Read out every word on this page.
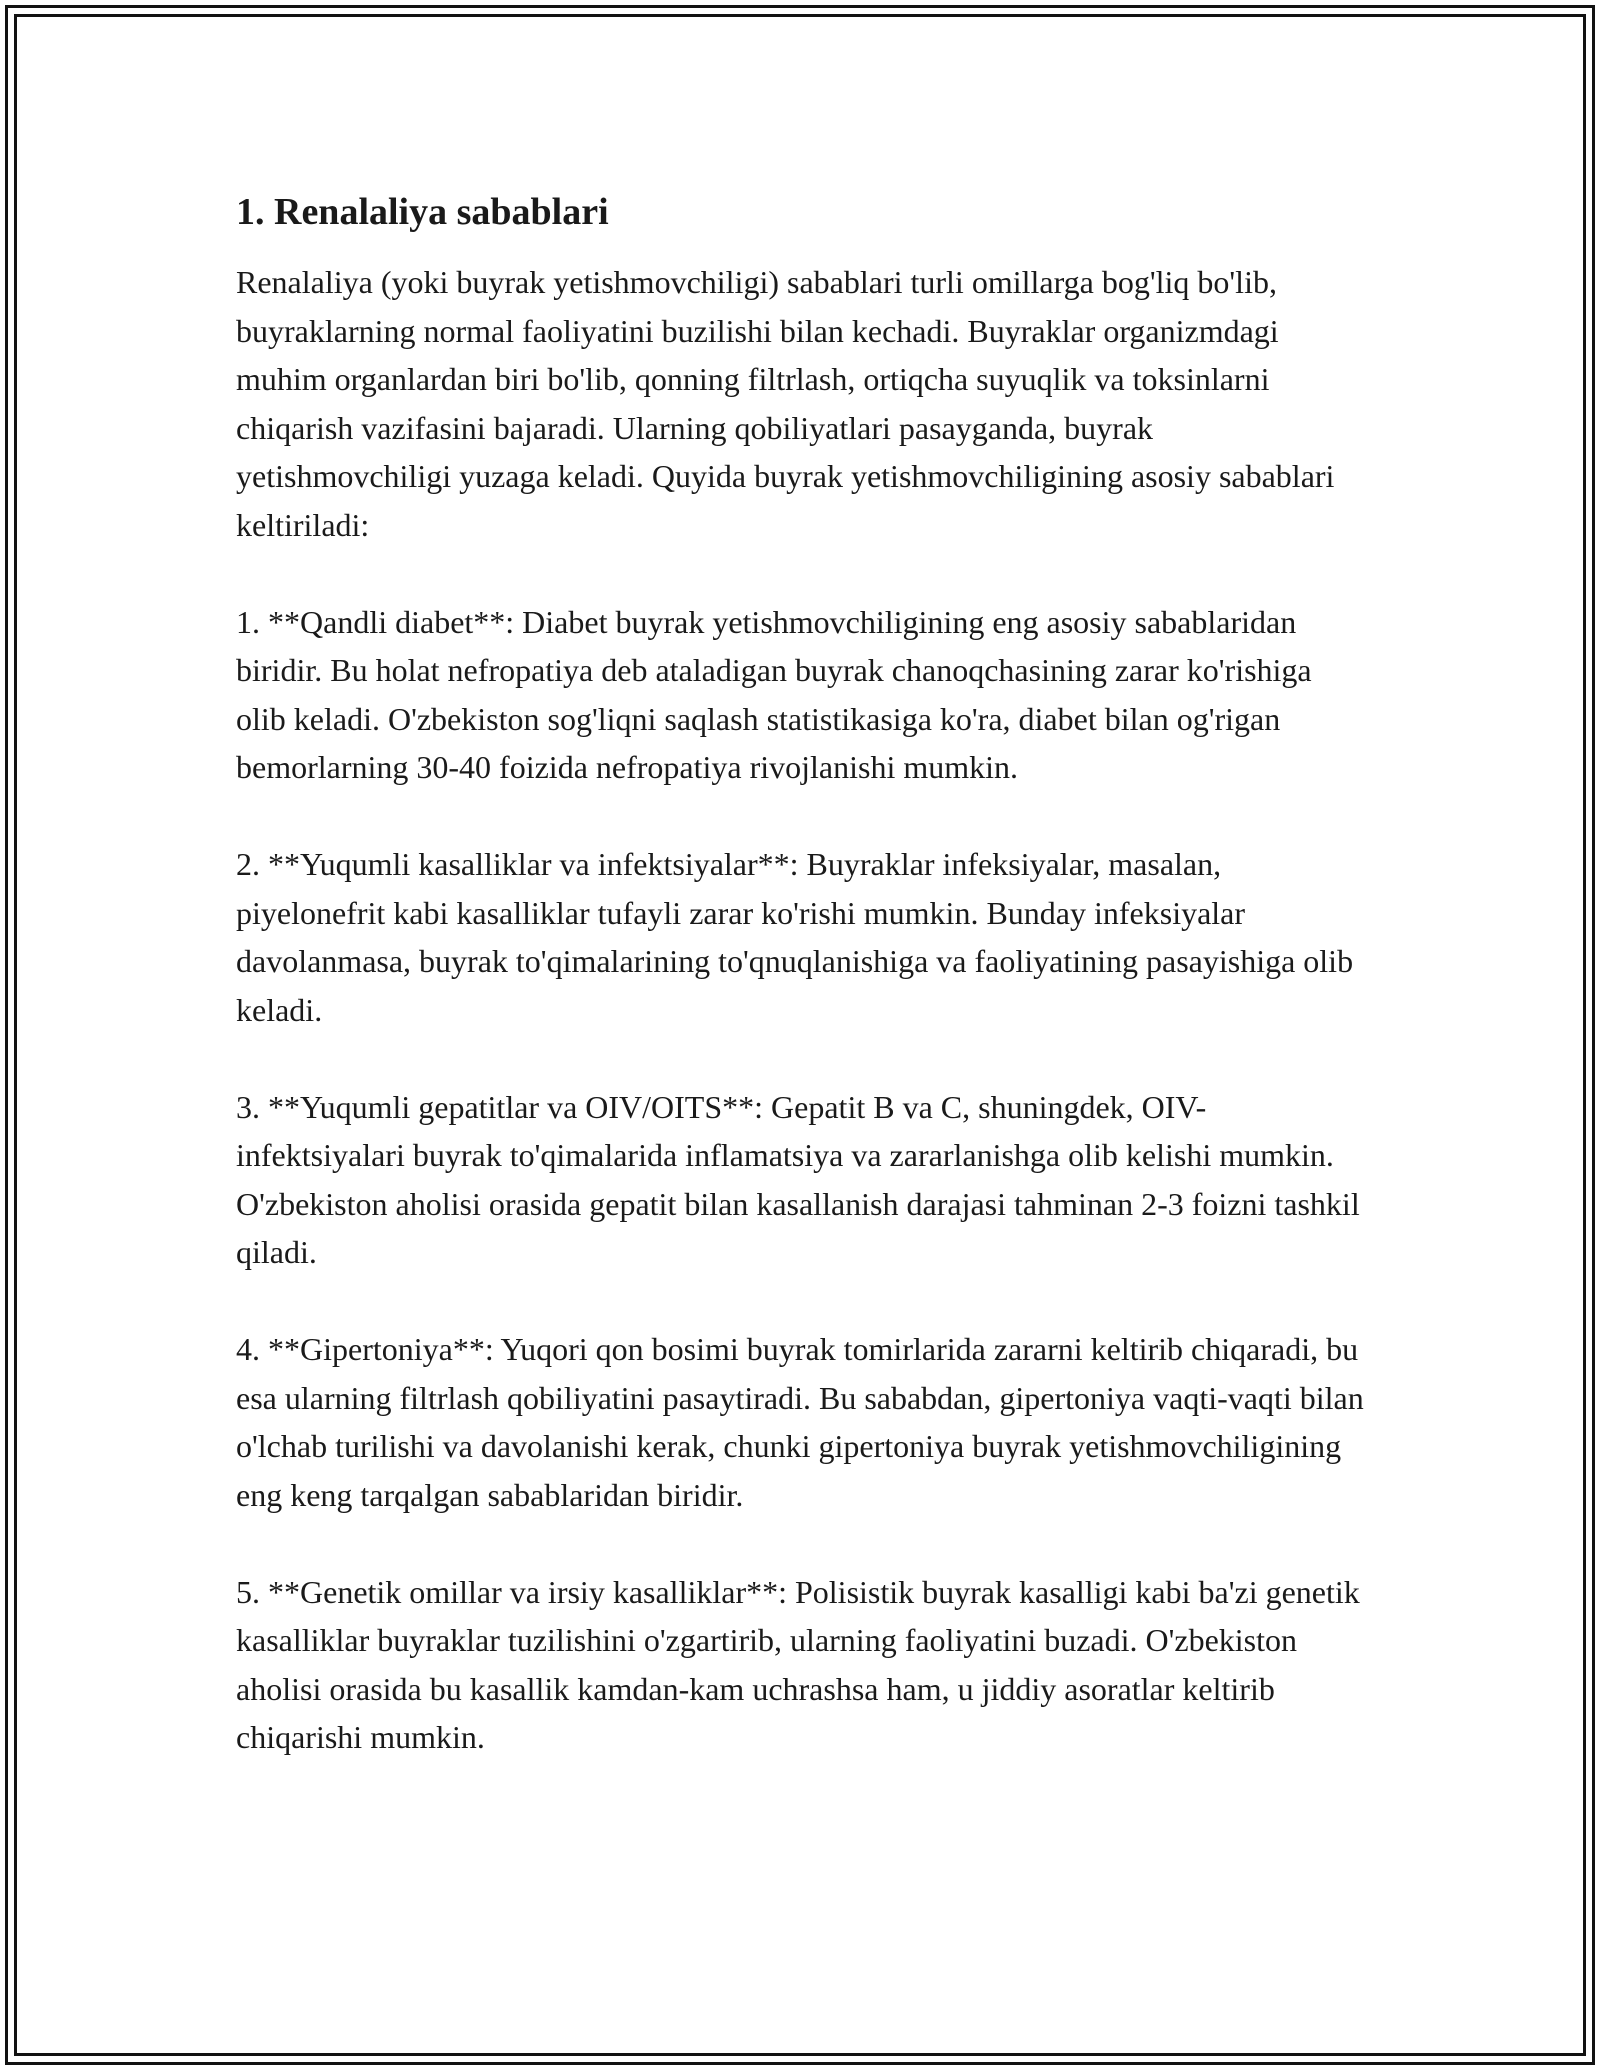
1. Renalaliya sabablari

Renalaliya (yoki buyrak yetishmovchiligi) sabablari turli omillarga bog'liq bo'lib, buyraklarning normal faoliyatini buzilishi bilan kechadi. Buyraklar organizmdagi muhim organlardan biri bo'lib, qonning filtrlash, ortiqcha suyuqlik va toksinlarni chiqarish vazifasini bajaradi. Ularning qobiliyatlari pasayganda, buyrak yetishmovchiligi yuzaga keladi. Quyida buyrak yetishmovchiligining asosiy sabablari keltiriladi:

1. **Qandli diabet**: Diabet buyrak yetishmovchiligining eng asosiy sabablaridan biridir. Bu holat nefropatiya deb ataladigan buyrak chanoqchasining zarar ko'rishiga olib keladi. O'zbekiston sog'liqni saqlash statistikasiga ko'ra, diabet bilan og'rigan bemorlarning 30-40 foizida nefropatiya rivojlanishi mumkin.

2. **Yuqumli kasalliklar va infektsiyalar**: Buyraklar infeksiyalar, masalan, piyelonefrit kabi kasalliklar tufayli zarar ko'rishi mumkin. Bunday infeksiyalar davolanmasa, buyrak to'qimalarining to'qnuqlanishiga va faoliyatining pasayishiga olib keladi.

3. **Yuqumli gepatitlar va OIV/OITS**: Gepatit B va C, shuningdek, OIV-infektsiyalari buyrak to'qimalarida inflamatsiya va zararlanishga olib kelishi mumkin. O'zbekiston aholisi orasida gepatit bilan kasallanish darajasi tahminan 2-3 foizni tashkil qiladi.

4. **Gipertoniya**: Yuqori qon bosimi buyrak tomirlarida zararni keltirib chiqaradi, bu esa ularning filtrlash qobiliyatini pasaytiradi. Bu sababdan, gipertoniya vaqti-vaqti bilan o'lchab turilishi va davolanishi kerak, chunki gipertoniya buyrak yetishmovchiligining eng keng tarqalgan sabablaridan biridir.

5. **Genetik omillar va irsiy kasalliklar**: Polisistik buyrak kasalligi kabi ba'zi genetik kasalliklar buyraklar tuzilishini o'zgartirib, ularning faoliyatini buzadi. O'zbekiston aholisi orasida bu kasallik kamdan-kam uchrashsa ham, u jiddiy asoratlar keltirib chiqarishi mumkin.
